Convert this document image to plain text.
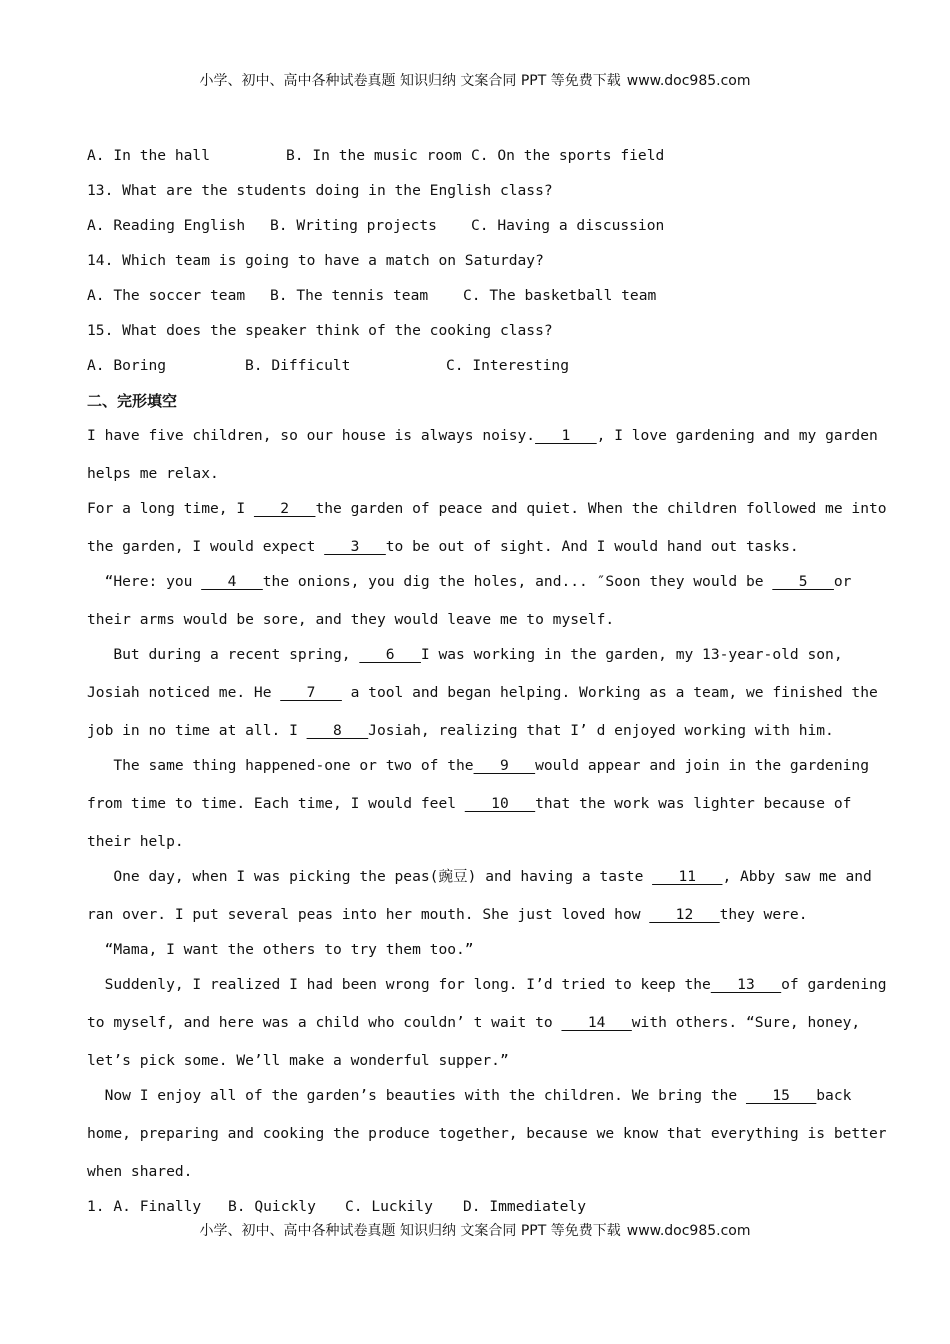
小学、初中、高中各种试卷真题 知识归纳 文案合同 PPT 等免费下载 www.doc985.com
A. In the hall	B. In the music room C. On the sports field
13. What are the students doing in the English class?
A. Reading English B. Writing projects C. Having a discussion
14. Which team is going to have a match on Saturday?
A. The soccer team B. The tennis team C. The basketball team
15. What does the speaker think of the cooking class?
A. Boring	B. Difficult	C. Interesting
二、完形填空
I have five children, so our house is always noisy.___1___, I love gardening and my garden
helps me relax.
For a long time, I ___2___the garden of peace and quiet. When the children followed me into
the garden, I would expect ___3___to be out of sight. And I would hand out tasks.
“Here: you ___4___the onions, you dig the holes, and... ″Soon they would be ___5___or
their arms would be sore, and they would leave me to myself.
But during a recent spring, ___6___I was working in the garden, my 13-year-old son,
Josiah noticed me. He ___7___ a tool and began helping. Working as a team, we finished the
job in no time at all. I ___8___Josiah, realizing that I’ d enjoyed working with him.
The same thing happened-one or two of the___9___would appear and join in the gardening
from time to time. Each time, I would feel ___10___that the work was lighter because of
their help.
One day, when I was picking the peas(豌豆) and having a taste ___11___, Abby saw me and
ran over. I put several peas into her mouth. She just loved how ___12___they were.
“Mama, I want the others to try them too.”
Suddenly, I realized I had been wrong for long. I’d tried to keep the___13___of gardening
to myself, and here was a child who couldn’ t wait to ___14___with others. “Sure, honey,
let’s pick some. We’ll make a wonderful supper.”
Now I enjoy all of the garden’s beauties with the children. We bring the ___15___back
home, preparing and cooking the produce together, because we know that everything is better
when shared.
1. A. Finally B. Quickly C. Luckily D. Immediately
小学、初中、高中各种试卷真题 知识归纳 文案合同 PPT 等免费下载 www.doc985.com
